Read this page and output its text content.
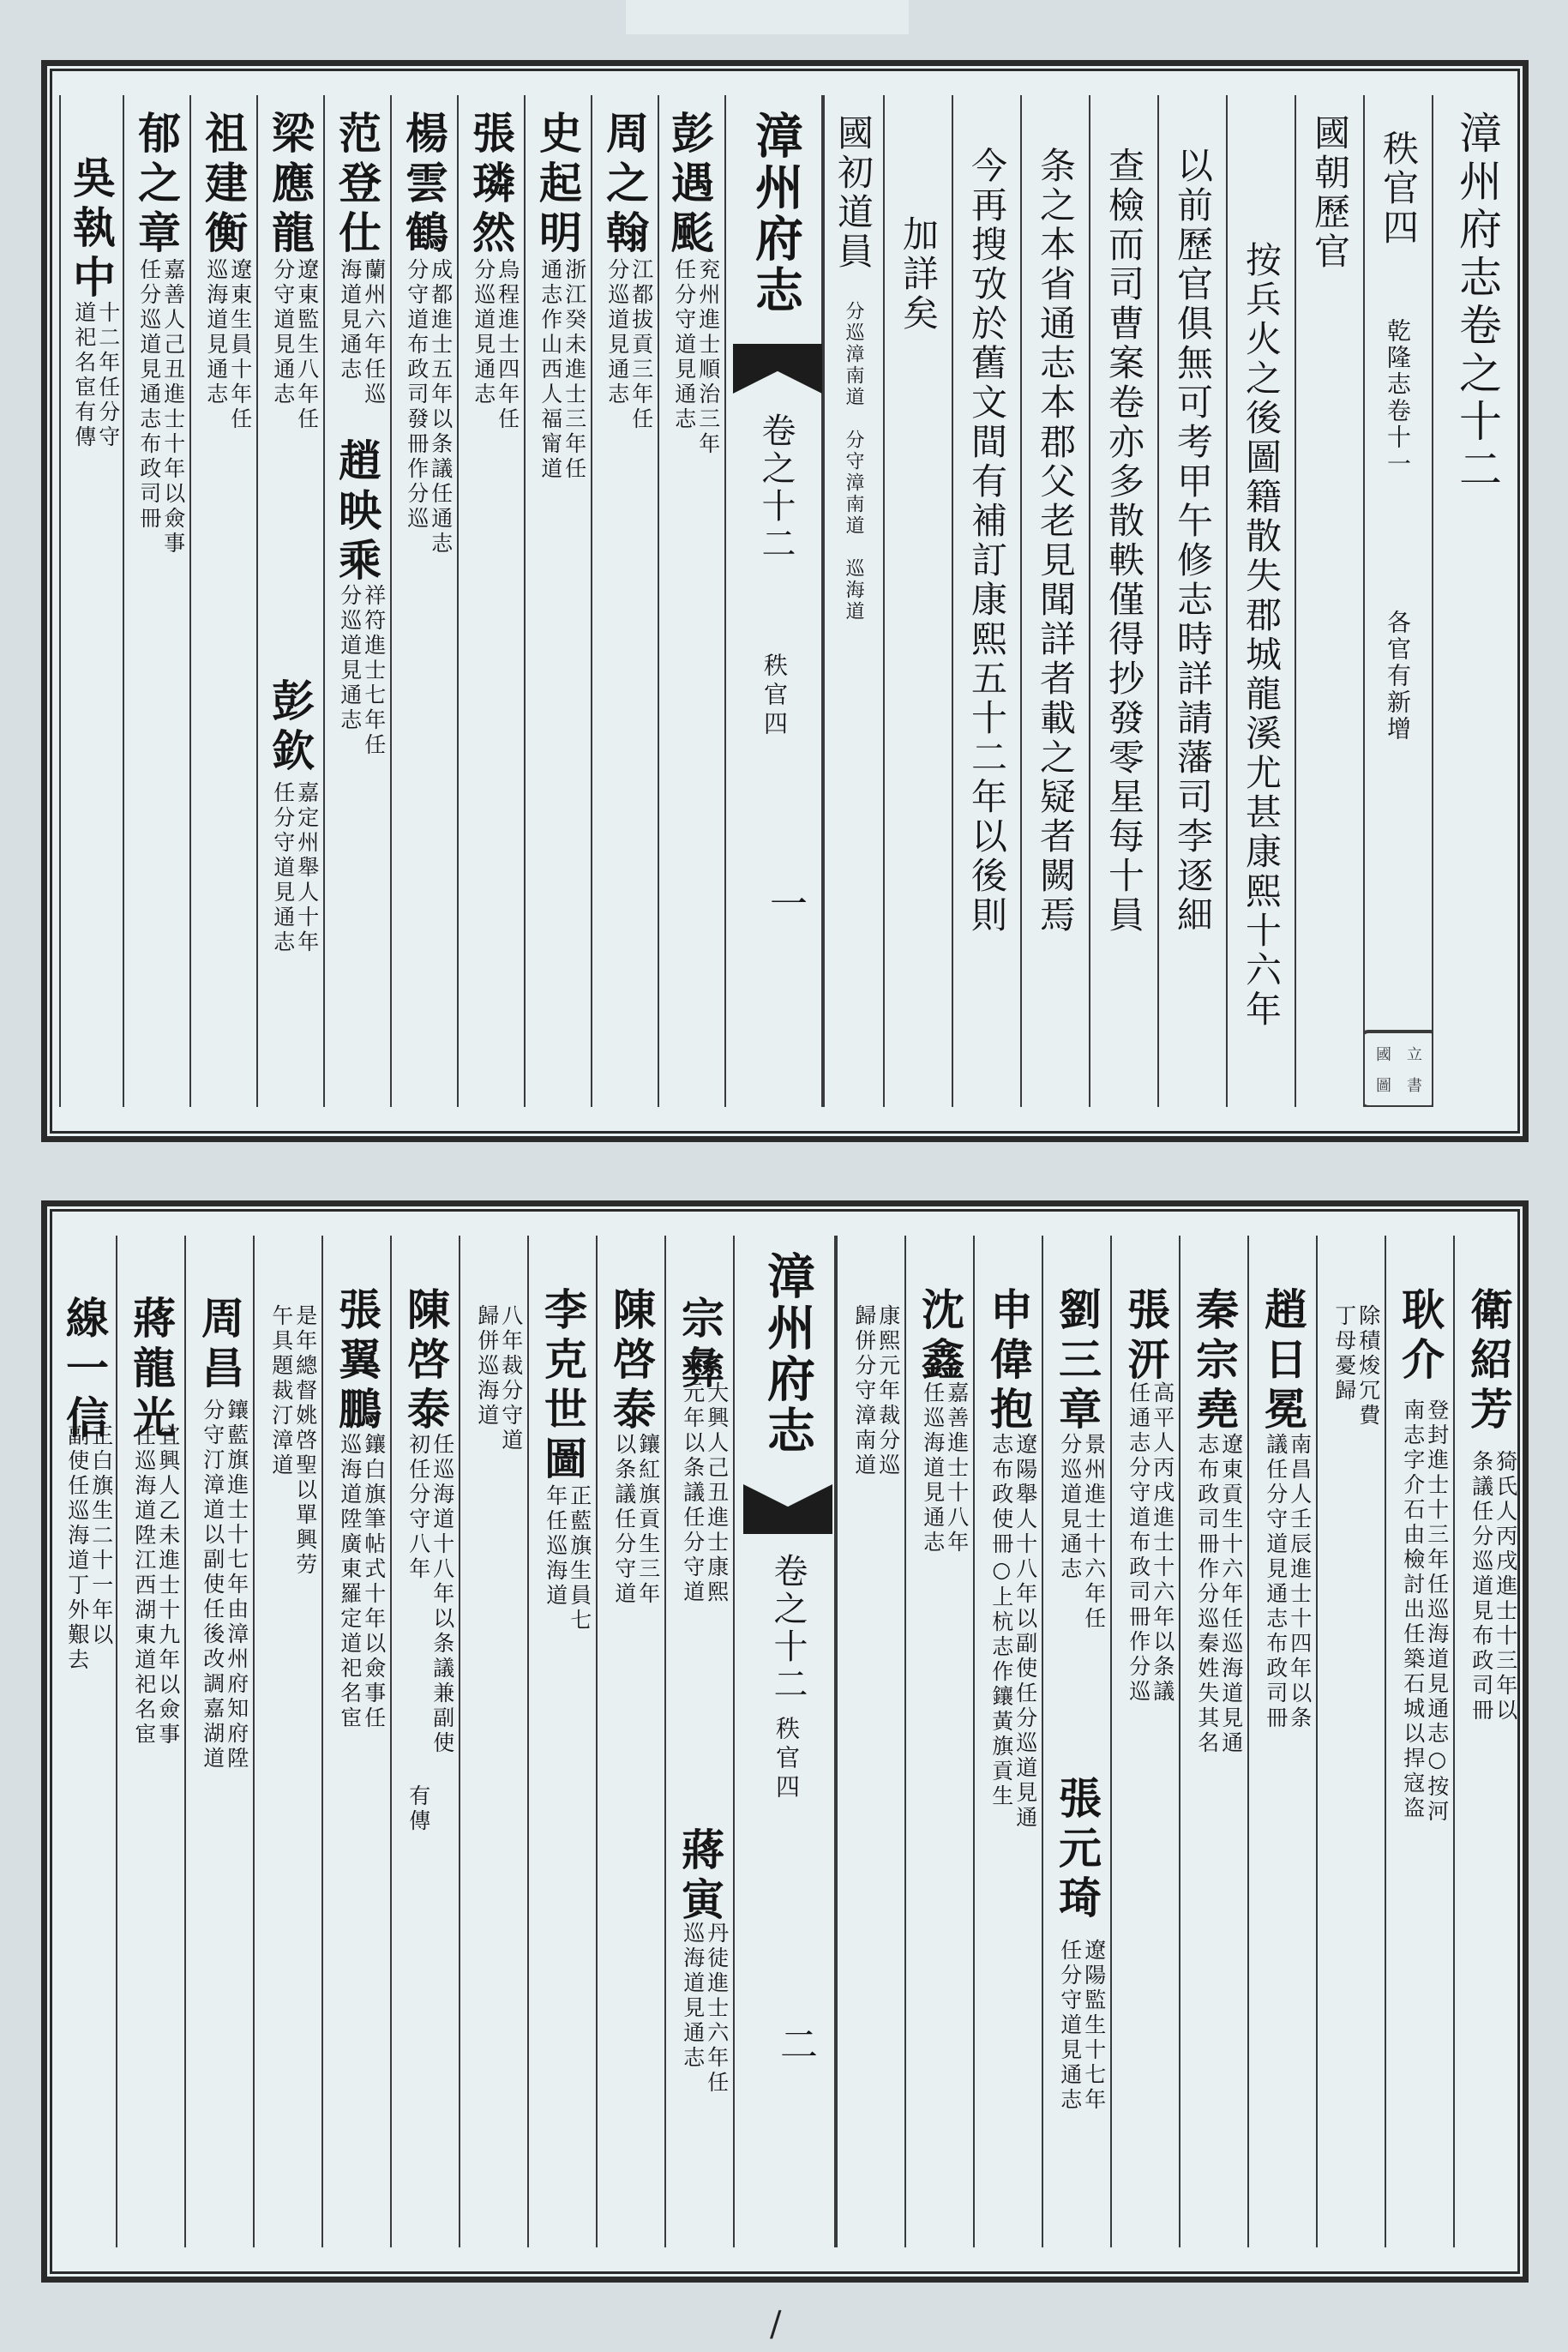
漳州府志卷之十二
秩官四
乾隆志卷十一
各官有新增
國 立
圖 書
國朝歷官
按兵火之後圖籍散失郡城龍溪尤甚康熙十六年
以前歷官俱無可考甲午修志時詳請藩司李逐細
查檢而司曹案卷亦多散軼僅得抄發零星每十員
条之本省通志本郡父老見聞詳者載之疑者闕焉
今再搜攷於舊文間有補訂康熙五十二年以後則
加詳矣
國初道員
分巡漳南道　分守漳南道　巡海道
漳州府志
卷之十二
秩官四
一
彭遇颩
兖州進士順治三年
任分守道見通志
周之翰
江都拔貢三年任
分巡道見通志
史起明
浙江癸未進士三年任
通志作山西人福甯道
張璘然
烏程進士四年任
分巡道見通志
楊雲鶴
成都進士五年以条議任通志
分守道布政司發冊作分巡
范登仕
蘭州六年任巡
海道見通志
趙映乘
祥符進士七年任
分巡道見通志
梁應龍
遼東監生八年任
分守道見通志
彭欽
嘉定州舉人十年
任分守道見通志
祖建衡
遼東生員十年任
巡海道見通志
郁之章
嘉善人己丑進士十年以僉事
任分巡道見通志布政司冊
吳執中
十二年任分守
道祀名宦有傳
衛紹芳
猗氏人丙戌進士十三年以
条議任分巡道見布政司冊
耿介
登封進士十三年任巡海道見通志○按河
南志字介石由檢討出任築石城以捍寇盗
除積焌冗費
丁母憂歸
趙日冕
南昌人壬辰進士十四年以条
議任分守道見通志布政司冊
秦宗堯
遼東貢生十六年任巡海道見通
志布政司冊作分巡秦姓失其名
張汧
高平人丙戌進士十六年以条議
任通志分守道布政司冊作分巡
劉三章
景州進士十六年任
分巡道見通志
張元琦
遼陽監生十七年
任分守道見通志
申偉抱
遼陽舉人十八年以副使任分巡道見通
志布政使冊○上杭志作鑲黃旗貢生
沈鑫
嘉善進士十八年
任巡海道見通志
康熙元年裁分巡
歸併分守漳南道
漳州府志
卷之十二
秩官四
二
宗彝
大興人己丑進士康熙
元年以条議任分守道
蔣寅
丹徒進士六年任
巡海道見通志
陳啓泰
鑲紅旗貢生三年
以条議任分守道
李克世圖
正藍旗生員七
年任巡海道
八年裁分守道
歸併巡海道
陳啓泰
任巡海道十八年以条議兼副使
初任分守八年
有傳
張翼鵬
鑲白旗筆帖式十年以僉事任
巡海道陞廣東羅定道祀名宦
是年總督姚啓聖以單興劳
午具題裁汀漳道
周昌
鑲藍旗進士十七年由漳州府知府陞
分守汀漳道以副使任後改調嘉湖道
蔣龍光
宜興人乙未進士十九年以僉事
任巡海道陞江西湖東道祀名宦
線一信
正白旗生二十一年以
副使任巡海道丁外艱去
/
